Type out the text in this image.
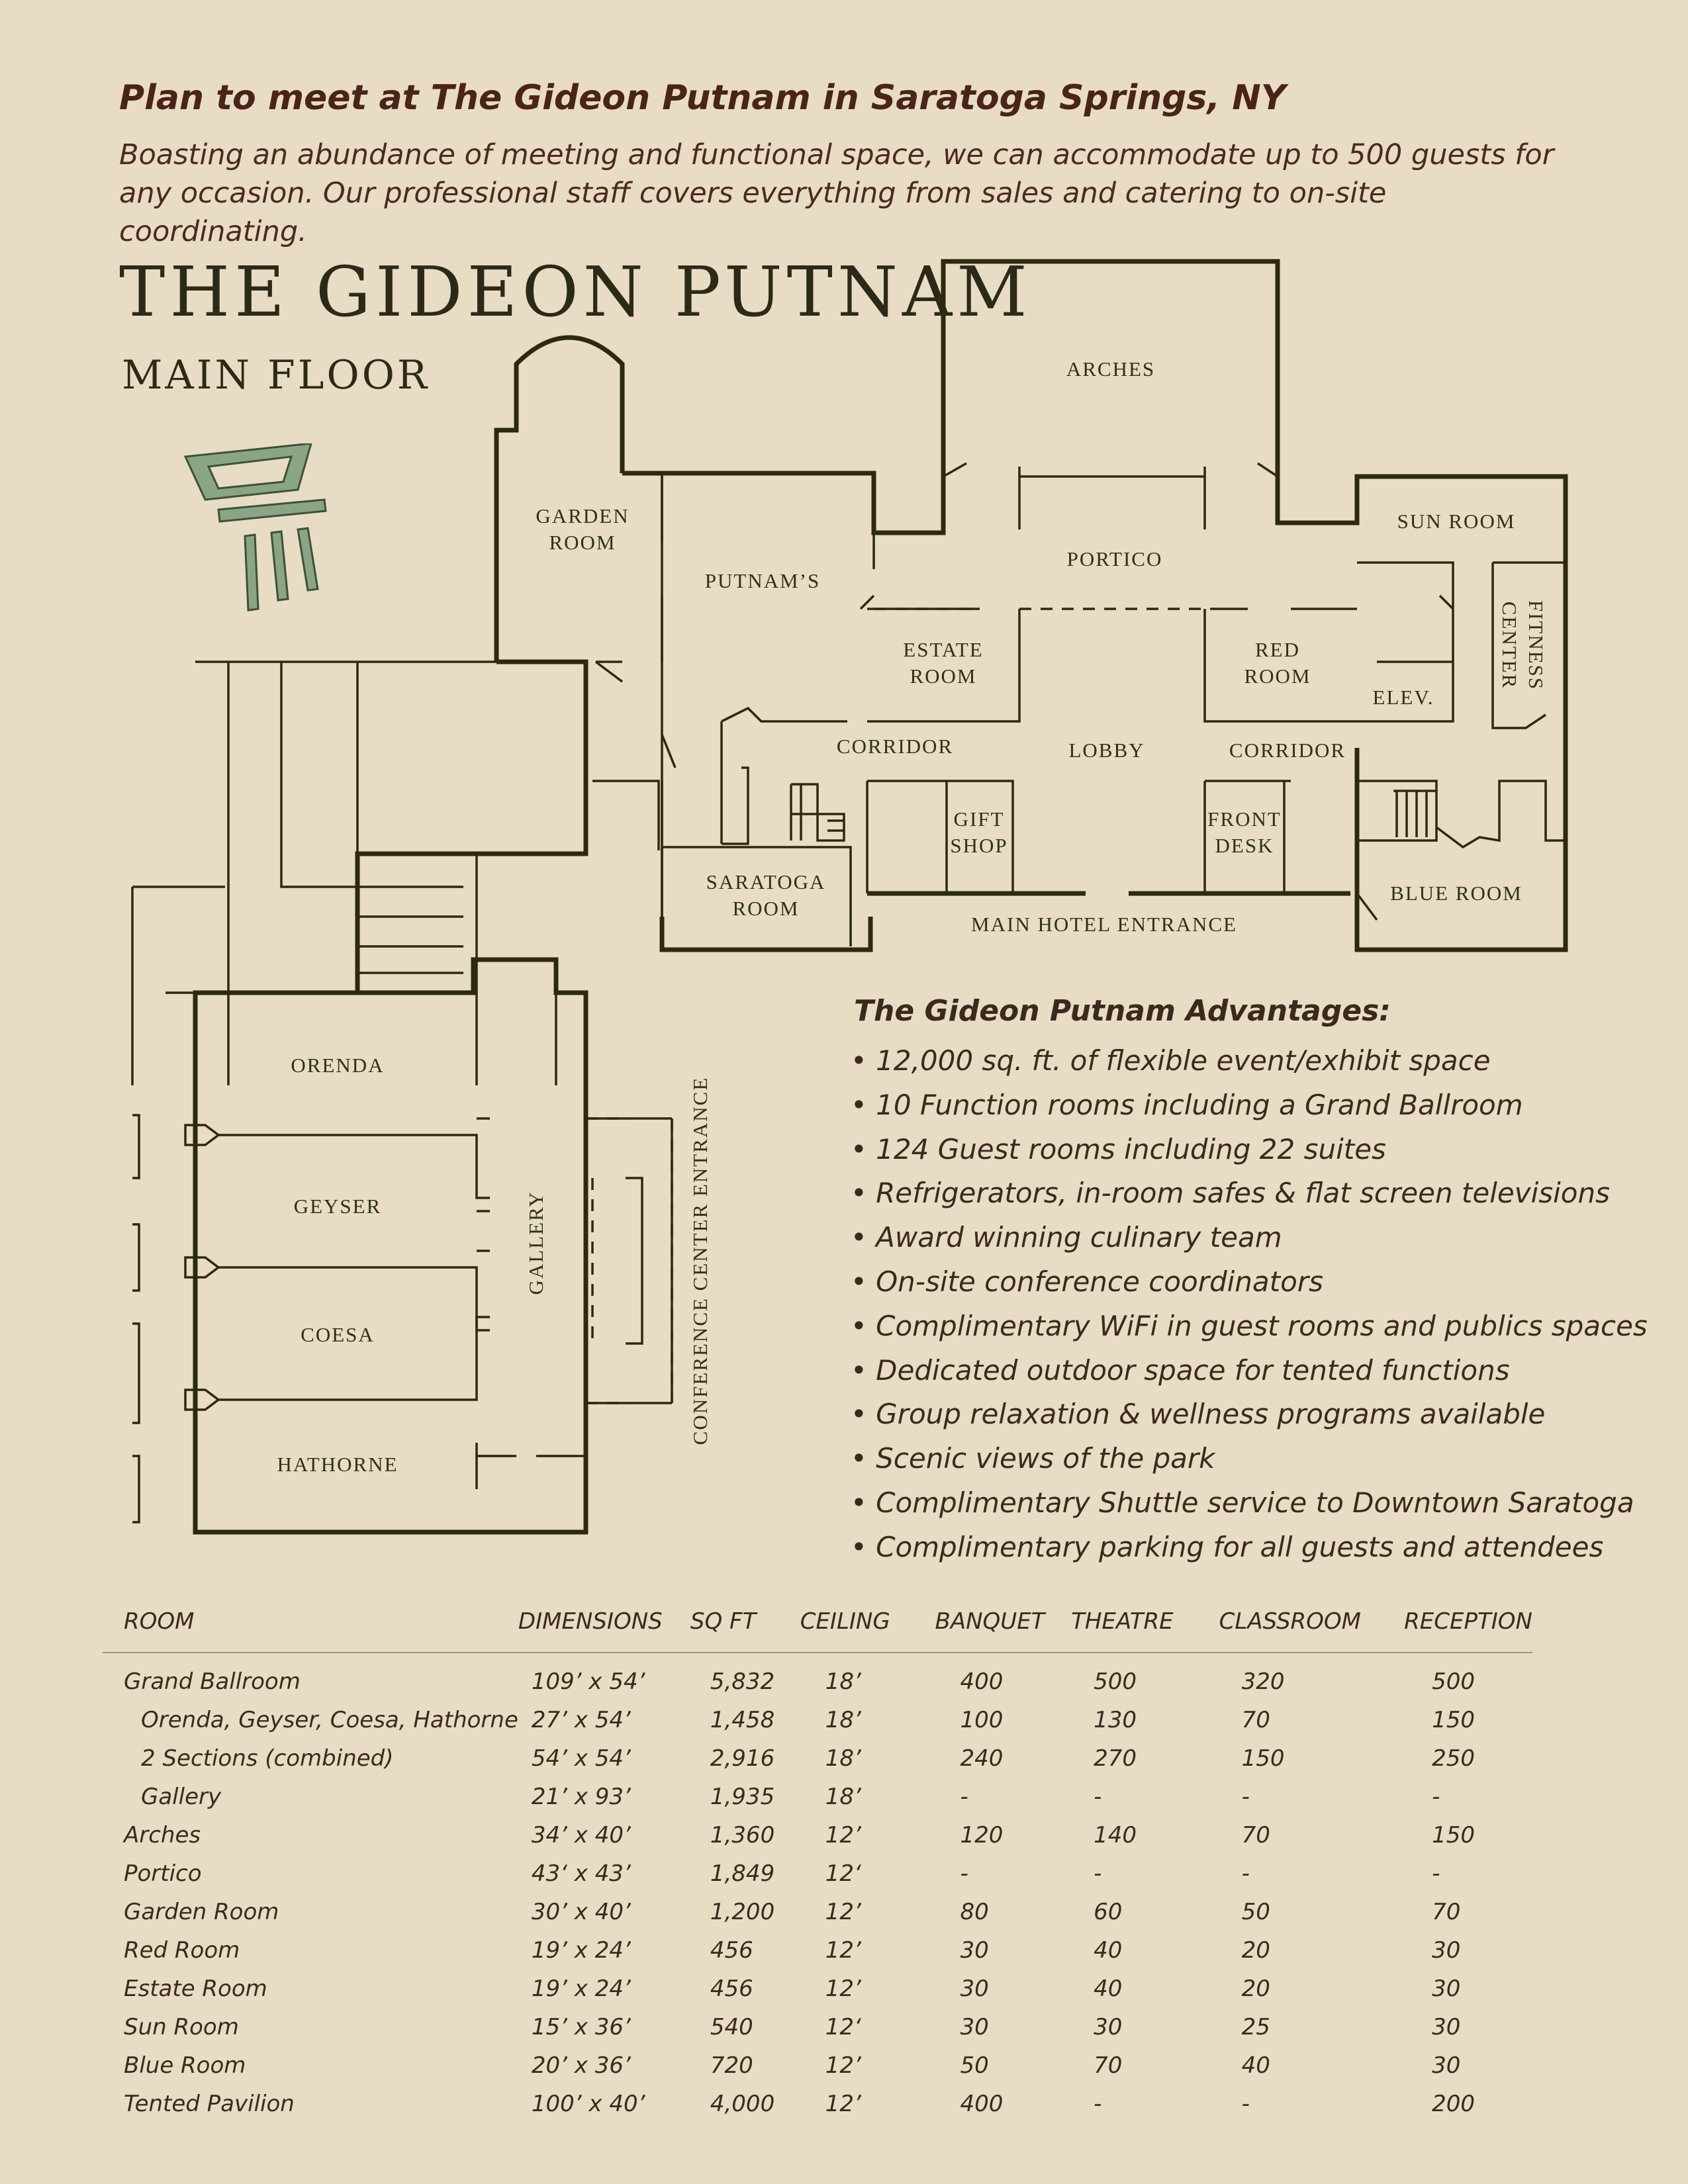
Plan to meet at The Gideon Putnam in Saratoga Springs, NY
Boasting an abundance of meeting and functional space, we can accommodate up to 500 guests for any occasion. Our professional staff covers everything from sales and catering to on-site coordinating.
THE GIDEON PUTNAM
MAIN FLOOR	ARCHES
SUN ROOM
GARDEN
ROOM
PUTNAM’S
PORTICO
ESTATE
ROOM
RED
ROOM	FITNESS
CENTER
ELEV.
CORRIDOR	LOBBY	CORRIDOR
GIFT
SHOP
FRONT
DESK
BLUE ROOM
SARATOGA
ROOM
MAIN HOTEL ENTRANCE
ORENDA
GEYSER
COESA
HATHORNE
GALLERY	CONFERENCE CENTER ENTRANCE
The Gideon Putnam Advantages:
• 12,000 sq. ft. of flexible event/exhibit space
• 10 Function rooms including a Grand Ballroom
• 124 Guest rooms including 22 suites
• Refrigerators, in-room safes & flat screen televisions
• Award winning culinary team
• On-site conference coordinators
• Complimentary WiFi in guest rooms and publics spaces
• Dedicated outdoor space for tented functions
• Group relaxation & wellness programs available
• Scenic views of the park
• Complimentary Shuttle service to Downtown Saratoga
• Complimentary parking for all guests and attendees
ROOM	DIMENSIONS	SQ FT	CEILING	BANQUET	THEATRE	CLASSROOM	RECEPTION
Grand Ballroom	109’ x 54’	5,832	18’	400	500	320	500
Orenda, Geyser, Coesa, Hathorne	27’ x 54’	1,458	18’	100	130	70	150
2 Sections (combined)	54’ x 54’	2,916	18’	240	270	150	250
Gallery	21’ x 93’	1,935	18’	-	-	-	-
Arches	34’ x 40’	1,360	12’	120	140	70	150
Portico	43‘ x 43’	1,849	12‘	-	-	-	-
Garden Room	30’ x 40’	1,200	12’	80	60	50	70
Red Room	19’ x 24’	456	12’	30	40	20	30
Estate Room	19’ x 24’	456	12’	30	40	20	30
Sun Room	15’ x 36’	540	12‘	30	30	25	30
Blue Room	20’ x 36’	720	12’	50	70	40	30
Tented Pavilion	100’ x 40’	4,000	12’	400	-	-	200
